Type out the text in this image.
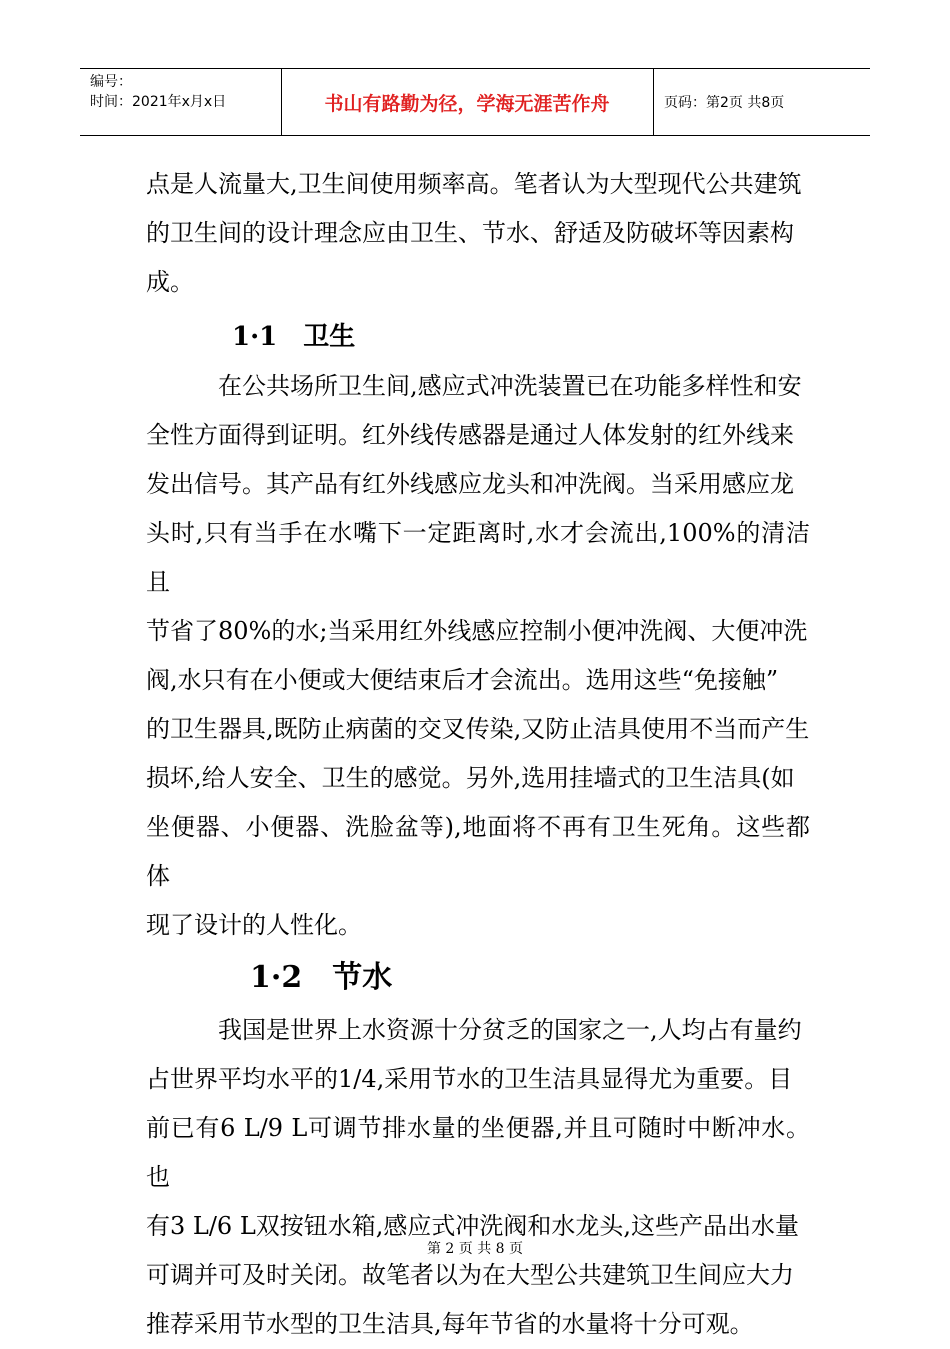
编号：
时间：2021年x月x日	书山有路勤为径，学海无涯苦作舟	页码：第2页 共8页

点是人流量大,卫生间使用频率高。笔者认为大型现代公共建筑
的卫生间的设计理念应由卫生、节水、舒适及防破坏等因素构
成。

1·1　卫生

在公共场所卫生间,感应式冲洗装置已在功能多样性和安
全性方面得到证明。红外线传感器是通过人体发射的红外线来
发出信号。其产品有红外线感应龙头和冲洗阀。当采用感应龙
头时,只有当手在水嘴下一定距离时,水才会流出,100%的清洁且
节省了80%的水;当采用红外线感应控制小便冲洗阀、大便冲洗
阀,水只有在小便或大便结束后才会流出。选用这些“免接触”
的卫生器具,既防止病菌的交叉传染,又防止洁具使用不当而产生
损坏,给人安全、卫生的感觉。另外,选用挂墙式的卫生洁具(如
坐便器、小便器、洗脸盆等),地面将不再有卫生死角。这些都体
现了设计的人性化。

1·2　节水

我国是世界上水资源十分贫乏的国家之一,人均占有量约
占世界平均水平的1/4,采用节水的卫生洁具显得尤为重要。目
前已有6 L/9 L可调节排水量的坐便器,并且可随时中断冲水。也
有3 L/6 L双按钮水箱,感应式冲洗阀和水龙头,这些产品出水量
可调并可及时关闭。故笔者以为在大型公共建筑卫生间应大力
推荐采用节水型的卫生洁具,每年节省的水量将十分可观。

第 2 页 共 8 页
